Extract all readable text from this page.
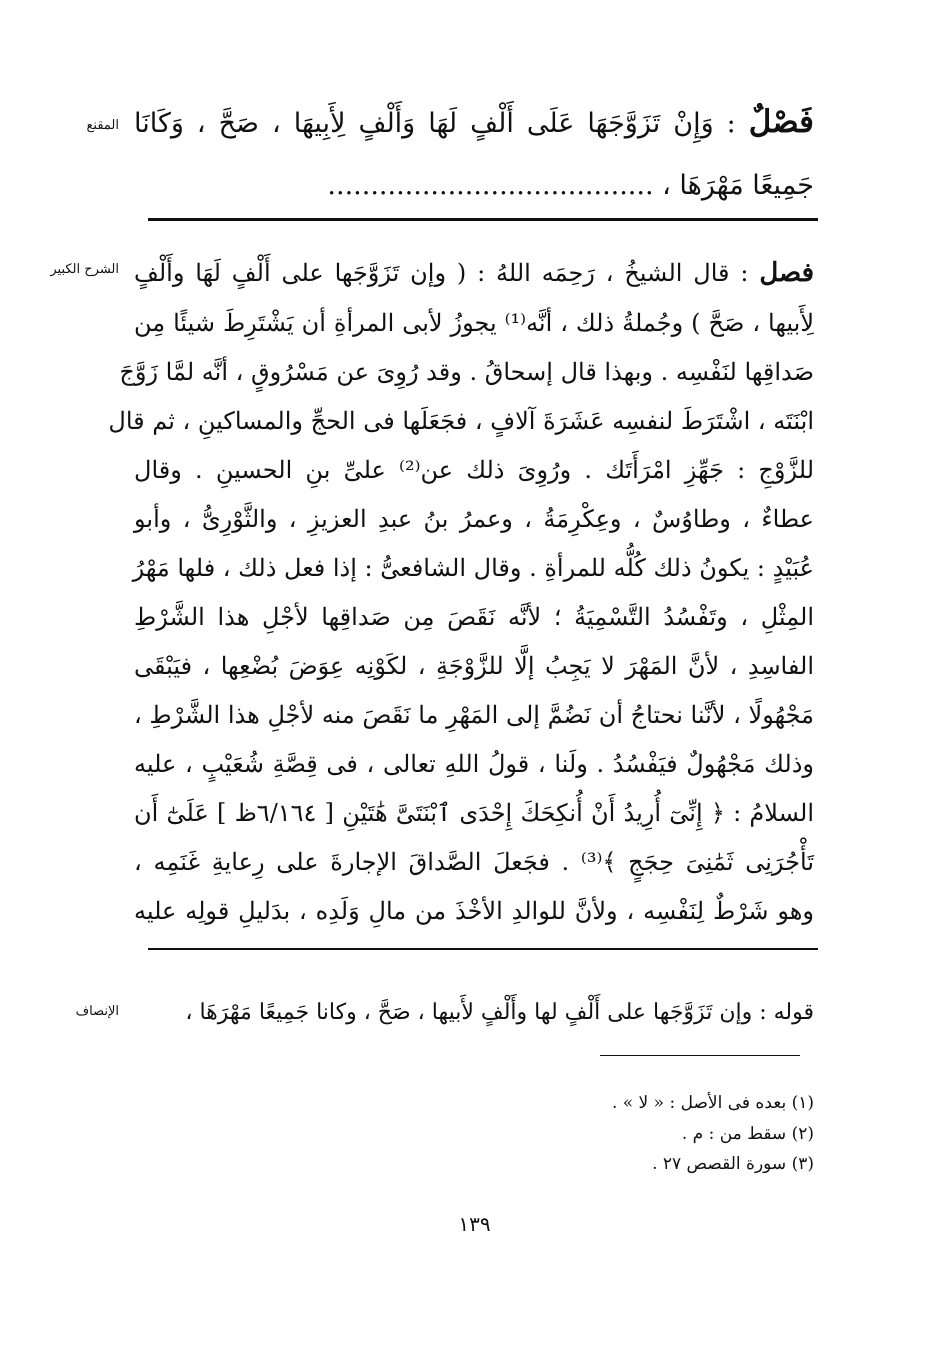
المقنع	فَصْلٌ : وَإِنْ تَزَوَّجَهَا عَلَى أَلْفٍ لَهَا وَأَلْفٍ لِأَبِيهَا ، صَحَّ ، وَكَانَا
جَمِيعًا مَهْرَهَا ، ......................................
الشرح الكبير	فصل : قال الشيخُ ، رَحِمَه اللهُ : ( وإن تَزَوَّجَها على أَلْفٍ لَهَا وأَلْفٍ
لِأَبيها ، صَحَّ ) وجُملةُ ذلك ، أنَّه⁽¹⁾ يجوزُ لأبى المرأةِ أن يَشْتَرِطَ شيئًا مِن
صَداقِها لنَفْسِه . وبهذا قال إسحاقُ . وقد رُوِىَ عن مَسْرُوقٍ ، أنَّه لمَّا زَوَّجَ
ابْنَتَه ، اشْتَرَطَ لنفسِه عَشَرَةَ آلافٍ ، فجَعَلَها فى الحجِّ والمساكينِ ، ثم قال
للزَّوْجِ : جَهِّزِ امْرَأَتَك . ورُوِىَ ذلك عن⁽²⁾ علىِّ بنِ الحسينِ . وقال
عطاءٌ ، وطاوُسٌ ، وعِكْرِمَةُ ، وعمرُ بنُ عبدِ العزيزِ ، والثَّوْرِىُّ ، وأبو
عُبَيْدٍ : يكونُ ذلك كُلُّه للمرأةِ . وقال الشافعىُّ : إذا فعل ذلك ، فلها مَهْرُ
المِثْلِ ، وتَفْسُدُ التَّسْمِيَةُ ؛ لأنَّه نَقَصَ مِن صَداقِها لأجْلِ هذا الشَّرْطِ
الفاسِدِ ، لأنَّ المَهْرَ لا يَجِبُ إلَّا للزَّوْجَةِ ، لكَوْنِه عِوَضَ بُضْعِها ، فيَبْقَى
مَجْهُولًا ، لأنَّنا نحتاجُ أن نَضُمَّ إلى المَهْرِ ما نَقَصَ منه لأجْلِ هذا الشَّرْطِ ،
وذلك مَجْهُولٌ فيَفْسُدُ . ولَنا ، قولُ اللهِ تعالى ، فى قِصَّةِ شُعَيْبٍ ، عليه
السلامُ : ﴿ إِنِّىٓ أُرِيدُ أَنْ أُنكِحَكَ إِحْدَى ٱبْنَتَىَّ هَٰتَيْنِ [ ٦/١٦٤ظ ] عَلَىٰٓ أَن
تَأْجُرَنِى ثَمَٰنِىَ حِجَجٍ ﴾⁽³⁾ . فجَعلَ الصَّداقَ الإجارةَ على رِعايةِ غَنَمِه ،
وهو شَرْطٌ لِنَفْسِه ، ولأنَّ للوالدِ الأخْذَ من مالِ وَلَدِه ، بدَليلِ قولِه عليه
الإنصاف	قوله : وإن تَزَوَّجَها على أَلْفٍ لها وأَلْفٍ لأَبيها ، صَحَّ ، وكانا جَمِيعًا مَهْرَهَا ،
(١) بعده فى الأصل : « لا » .
(٢) سقط من : م .
(٣) سورة القصص ٢٧ .
١٣٩
